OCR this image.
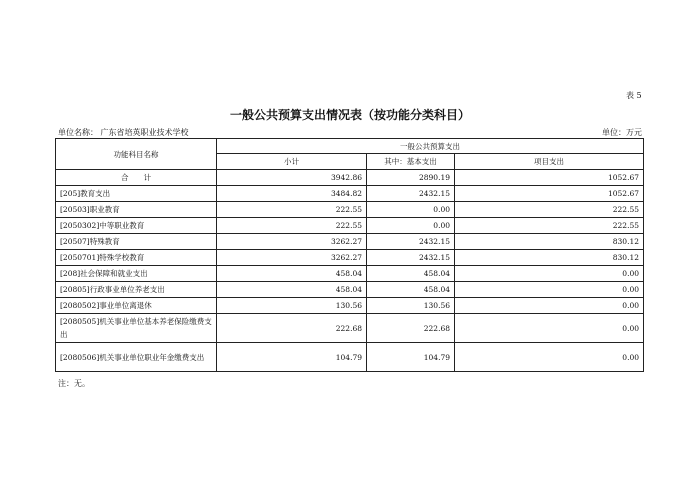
表 5
一般公共预算支出情况表（按功能分类科目）
单位名称： 广东省培英职业技术学校	单位：万元
功能科目名称	一般公共预算支出		
	小计	其中：基本支出	项目支出
合　　计	3942.86	2890.19	1052.67
[205]教育支出	3484.82	2432.15	1052.67
[20503]职业教育	222.55	0.00	222.55
[2050302]中等职业教育	222.55	0.00	222.55
[20507]特殊教育	3262.27	2432.15	830.12
[2050701]特殊学校教育	3262.27	2432.15	830.12
[208]社会保障和就业支出	458.04	458.04	0.00
[20805]行政事业单位养老支出	458.04	458.04	0.00
[2080502]事业单位离退休	130.56	130.56	0.00
[2080505]机关事业单位基本养老保险缴费支出	222.68	222.68	0.00
[2080506]机关事业单位职业年金缴费支出	104.79	104.79	0.00
注：无。
